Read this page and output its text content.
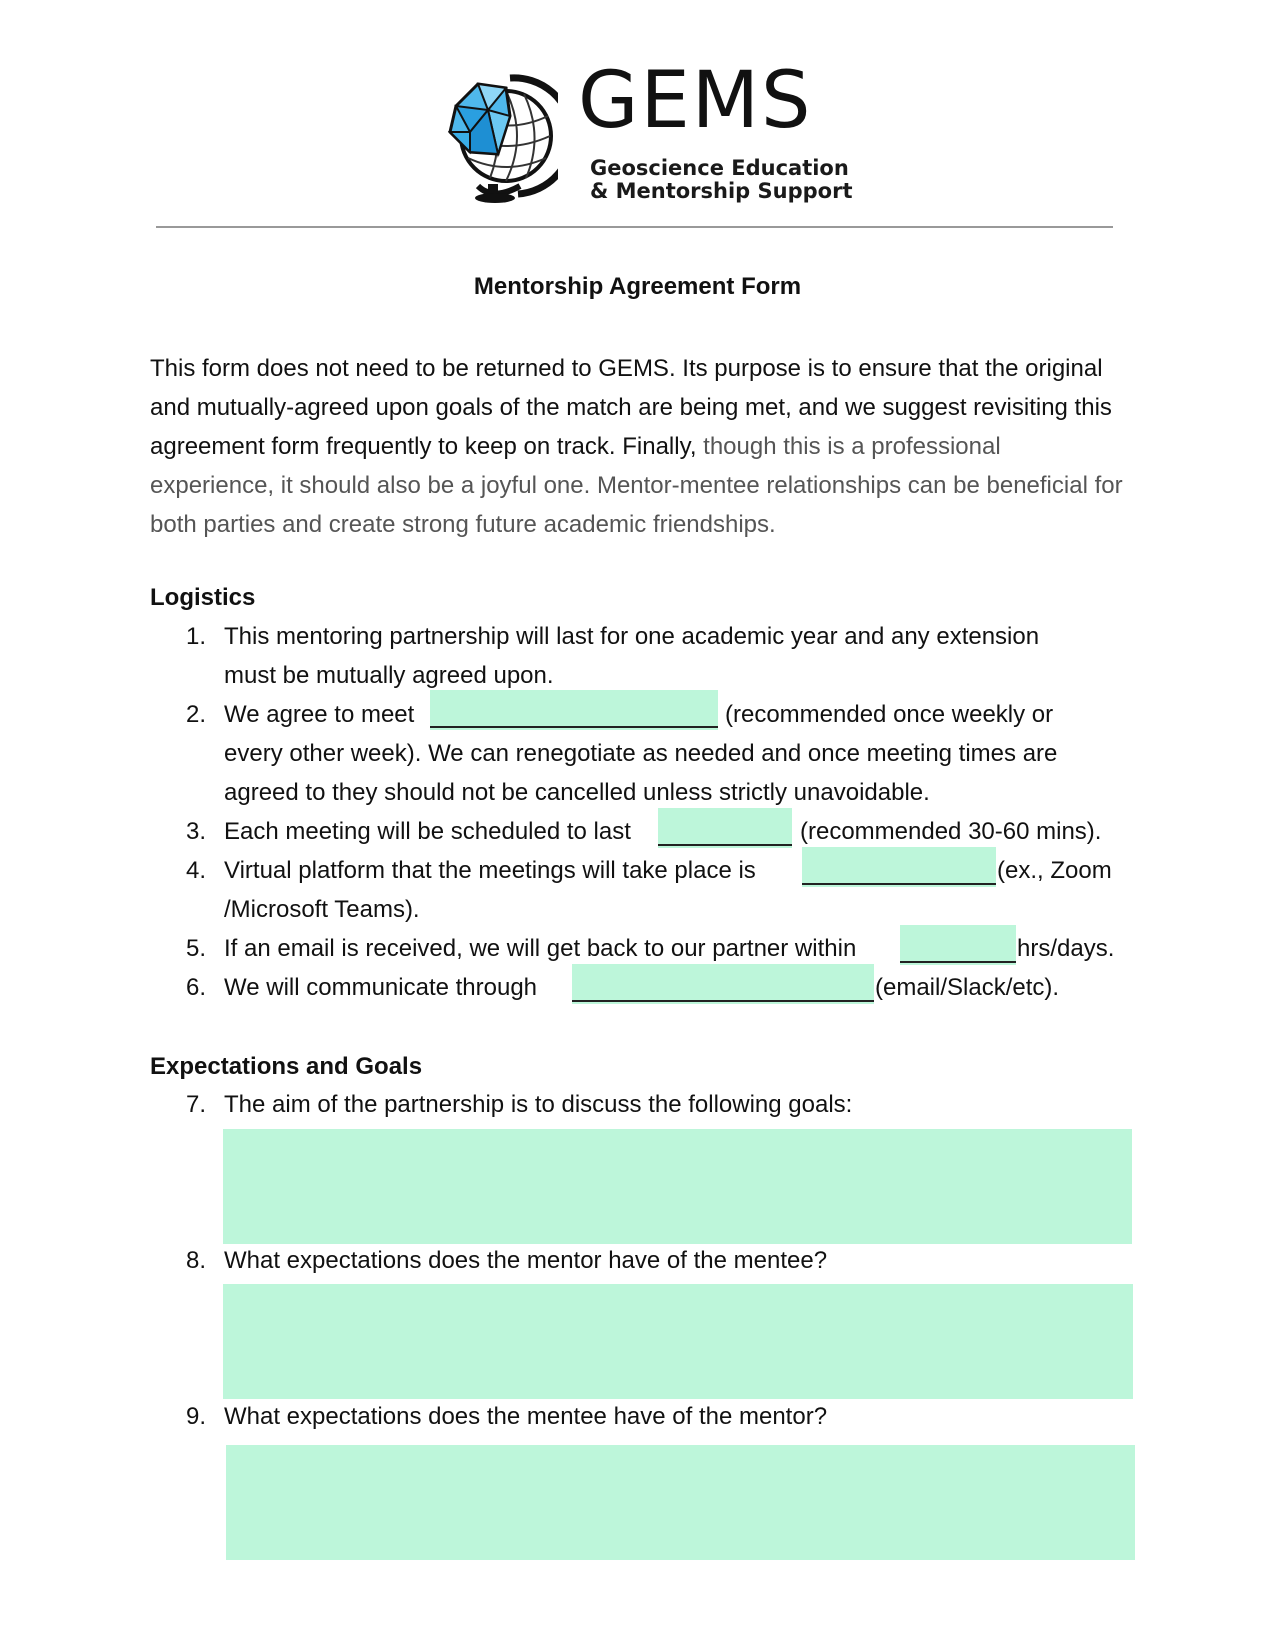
GEMS
Geoscience Education
& Mentorship Support
Mentorship Agreement Form
This form does not need to be returned to GEMS. Its purpose is to ensure that the original and mutually-agreed upon goals of the match are being met, and we suggest revisiting this agreement form frequently to keep on track. Finally, though this is a professional experience, it should also be a joyful one. Mentor-mentee relationships can be beneficial for both parties and create strong future academic friendships.
Logistics
1. This mentoring partnership will last for one academic year and any extension
must be mutually agreed upon.
2. We agree to meet	(recommended once weekly or
every other week). We can renegotiate as needed and once meeting times are
agreed to they should not be cancelled unless strictly unavoidable.
3. Each meeting will be scheduled to last	(recommended 30-60 mins).
4. Virtual platform that the meetings will take place is	(ex., Zoom
/Microsoft Teams).
5. If an email is received, we will get back to our partner within	hrs/days.
6. We will communicate through	(email/Slack/etc).
Expectations and Goals
7. The aim of the partnership is to discuss the following goals:
8. What expectations does the mentor have of the mentee?
9. What expectations does the mentee have of the mentor?
